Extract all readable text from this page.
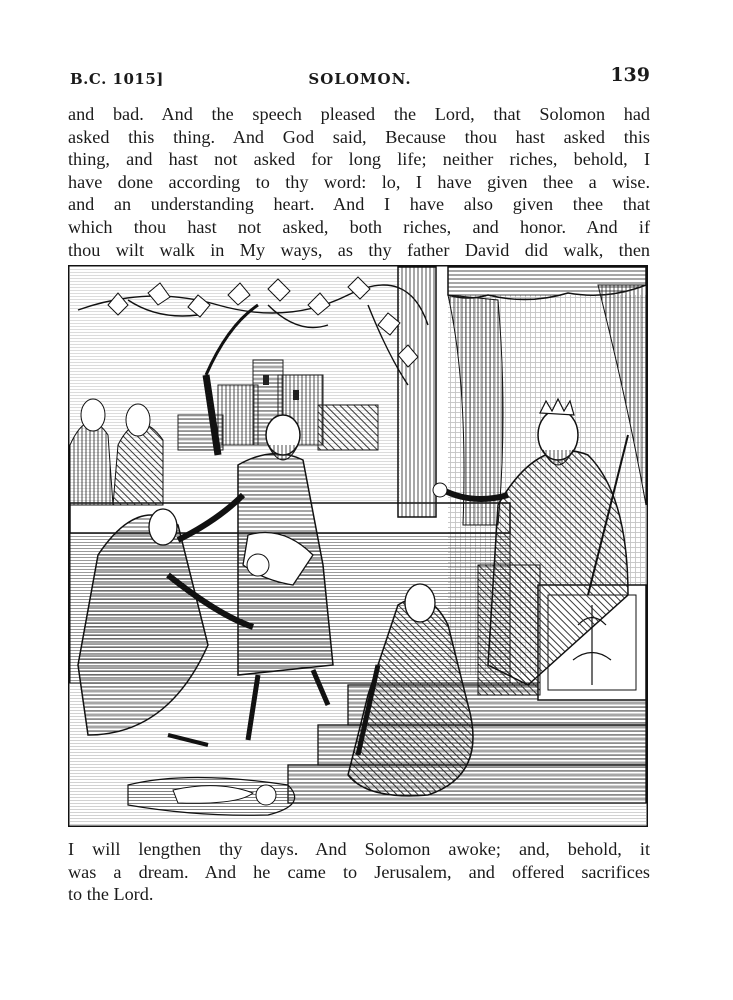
B.C. 1015]	SOLOMON.	139
and bad. And the speech pleased the Lord, that Solomon had
asked this thing. And God said, Because thou hast asked this
thing, and hast not asked for long life; neither riches, behold, I
have done according to thy word: lo, I have given thee a wise.
and an understanding heart. And I have also given thee that
which thou hast not asked, both riches, and honor. And if
thou wilt walk in My ways, as thy father David did walk, then
I will lengthen thy days. And Solomon awoke; and, behold, it
was a dream. And he came to Jerusalem, and offered sacrifices
to the Lord.
